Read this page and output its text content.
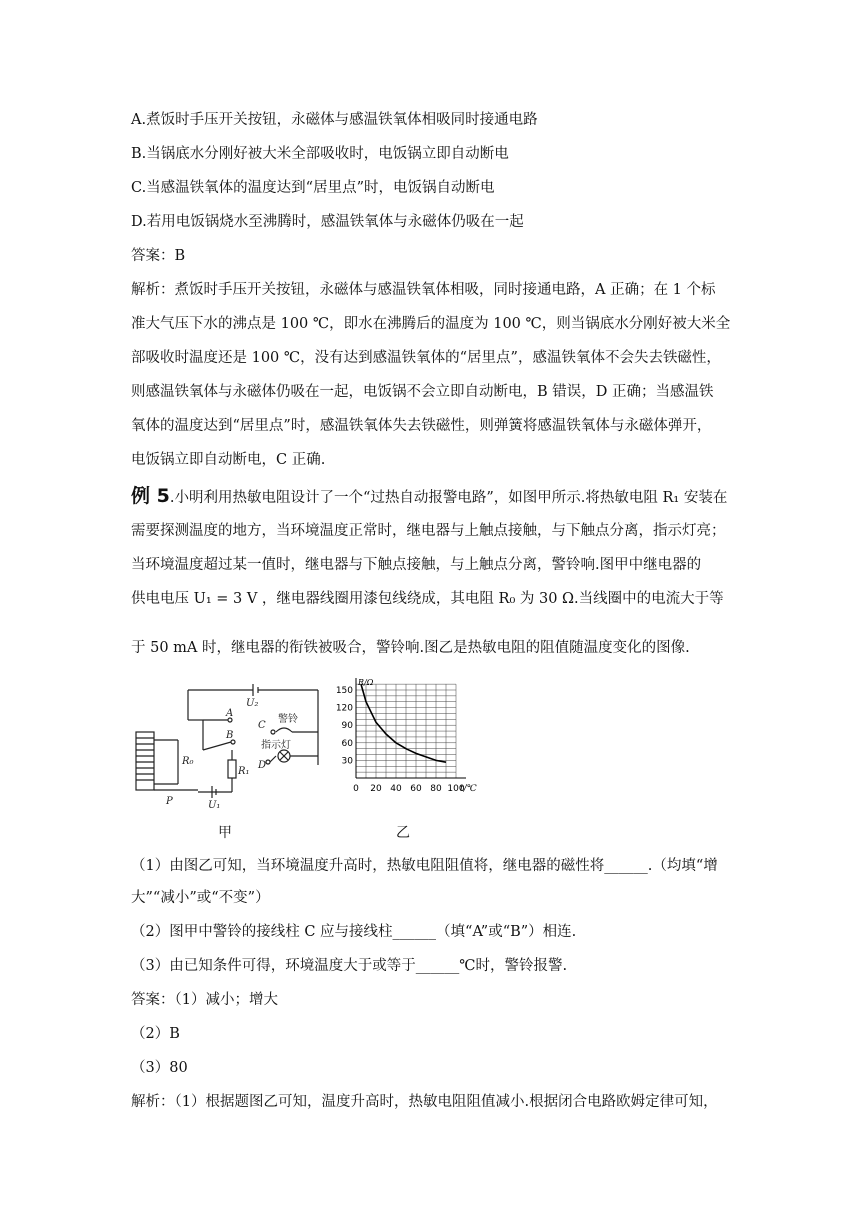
A.煮饭时手压开关按钮，永磁体与感温铁氧体相吸同时接通电路
B.当锅底水分刚好被大米全部吸收时，电饭锅立即自动断电
C.当感温铁氧体的温度达到“居里点”时，电饭锅自动断电
D.若用电饭锅烧水至沸腾时，感温铁氧体与永磁体仍吸在一起
答案：B
解析：煮饭时手压开关按钮，永磁体与感温铁氧体相吸，同时接通电路，A 正确；在 1 个标
准大气压下水的沸点是 100 ℃，即水在沸腾后的温度为 100 ℃，则当锅底水分刚好被大米全
部吸收时温度还是 100 ℃，没有达到感温铁氧体的“居里点”，感温铁氧体不会失去铁磁性，
则感温铁氧体与永磁体仍吸在一起，电饭锅不会立即自动断电，B 错误，D 正确；当感温铁
氧体的温度达到“居里点”时，感温铁氧体失去铁磁性，则弹簧将感温铁氧体与永磁体弹开，
电饭锅立即自动断电，C 正确.
例 5.小明利用热敏电阻设计了一个“过热自动报警电路”，如图甲所示.将热敏电阻 R₁ 安装在
需要探测温度的地方，当环境温度正常时，继电器与上触点接触，与下触点分离，指示灯亮；
当环境温度超过某一值时，继电器与下触点接触，与上触点分离，警铃响.图甲中继电器的
供电电压 U₁ = 3 V ，继电器线圈用漆包线绕成，其电阻 R₀ 为 30 Ω.当线圈中的电流大于等
于 50 mA 时，继电器的衔铁被吸合，警铃响.图乙是热敏电阻的阻值随温度变化的图像.
A
B
C
D
P
R₀
R₁
U₁
U₂
警铃
指示灯
甲
0 20 40 60 80 100
30
60
90
120
150
t/℃
R/Ω
乙
（1）由图乙可知，当环境温度升高时，热敏电阻阻值将，继电器的磁性将______.（均填“增
大”“减小”或“不变”）
（2）图甲中警铃的接线柱 C 应与接线柱______（填“A”或“B”）相连.
（3）由已知条件可得，环境温度大于或等于______℃时，警铃报警.
答案：（1）减小；增大
（2）B
（3）80
解析：（1）根据题图乙可知，温度升高时，热敏电阻阻值减小.根据闭合电路欧姆定律可知，
